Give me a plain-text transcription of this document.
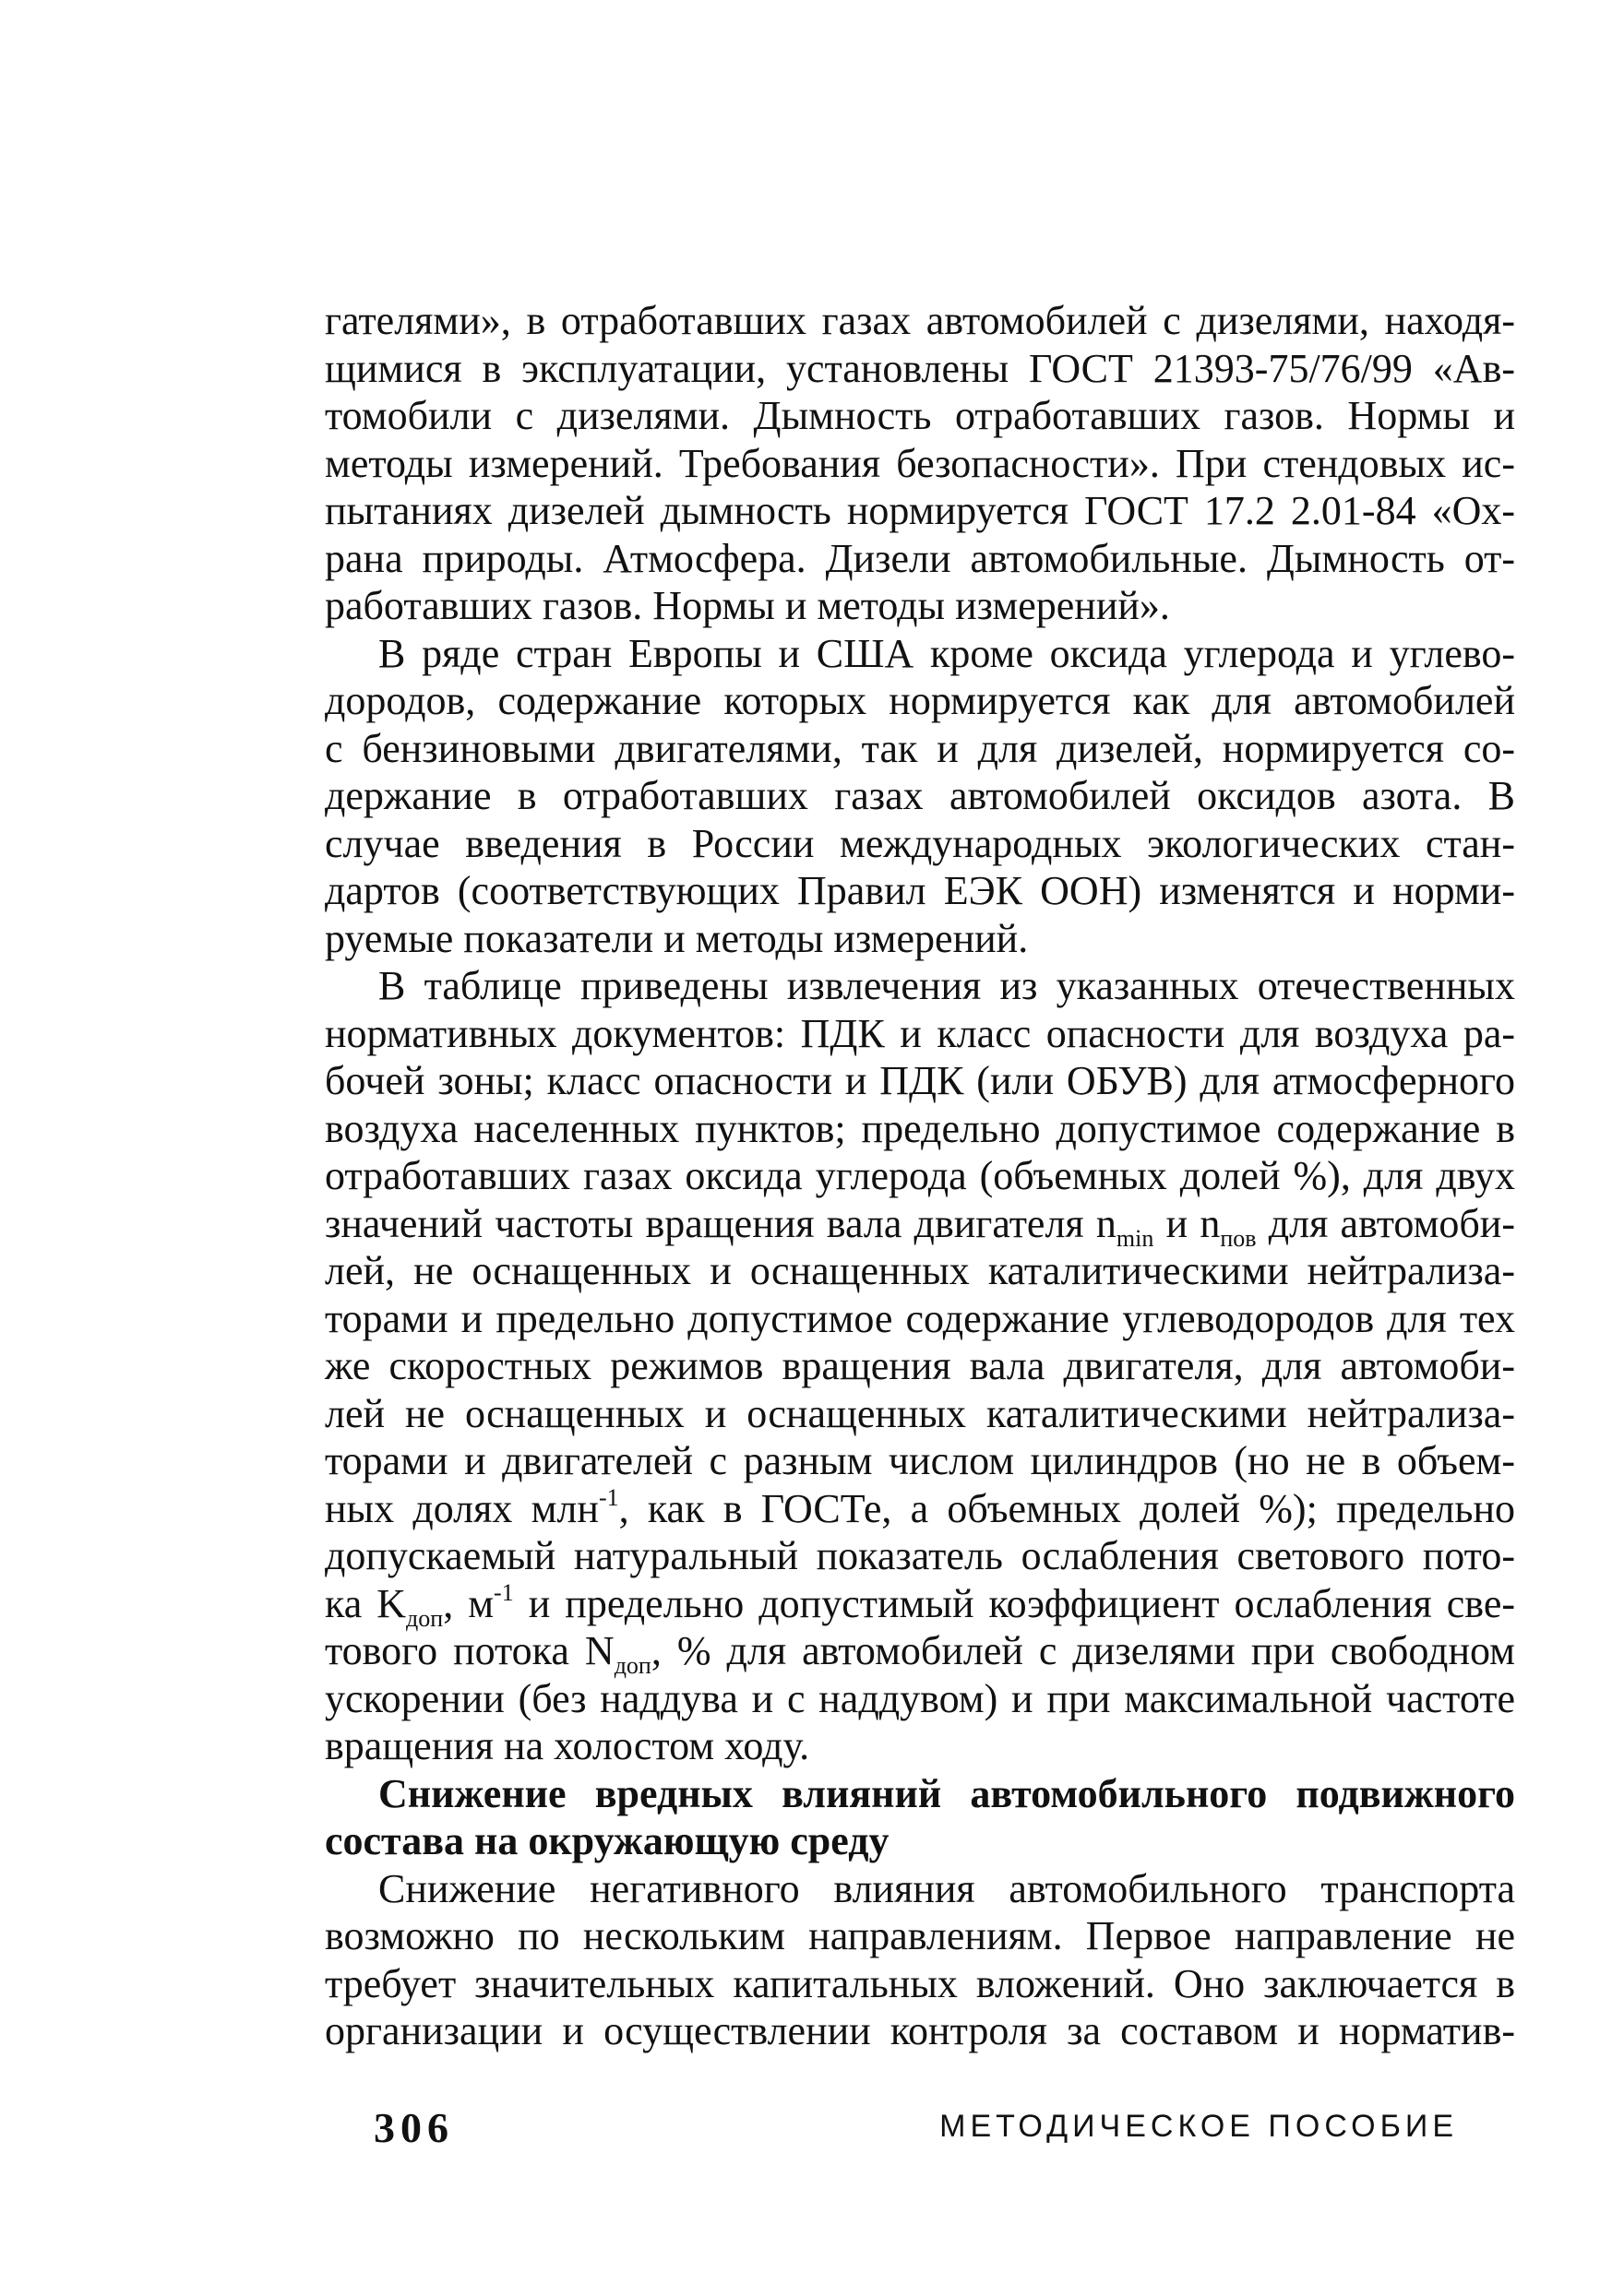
гателями», в отработавших газах автомобилей с дизелями, находя-

щимися в эксплуатации, установлены ГОСТ 21393-75/76/99 «Ав-

томобили с дизелями. Дымность отработавших газов. Нормы и

методы измерений. Требования безопасности». При стендовых ис-

пытаниях дизелей дымность нормируется ГОСТ 17.2 2.01-84 «Ох-

рана природы. Атмосфера. Дизели автомобильные. Дымность от-

работавших газов. Нормы и методы измерений».

В ряде стран Европы и США кроме оксида углерода и углево-

дородов, содержание которых нормируется как для автомобилей

с бензиновыми двигателями, так и для дизелей, нормируется со-

держание в отработавших газах автомобилей оксидов азота. В

случае введения в России международных экологических стан-

дартов (соответствующих Правил ЕЭК ООН) изменятся и норми-

руемые показатели и методы измерений.

В таблице приведены извлечения из указанных отечественных

нормативных документов: ПДК и класс опасности для воздуха ра-

бочей зоны; класс опасности и ПДК (или ОБУВ) для атмосферного

воздуха населенных пунктов; предельно допустимое содержание в

отработавших газах оксида углерода (объемных долей %), для двух

значений частоты вращения вала двигателя $n_{min}$ и $n_{пов}$ для автомоби-

лей, не оснащенных и оснащенных каталитическими нейтрализа-

торами и предельно допустимое содержание углеводородов для тех

же скоростных режимов вращения вала двигателя, для автомоби-

лей не оснащенных и оснащенных каталитическими нейтрализа-

торами и двигателей с разным числом цилиндров (но не в объем-

ных долях млн$^{-1}$, как в ГОСТе, а объемных долей %); предельно

допускаемый натуральный показатель ослабления светового пото-

ка $K_{доп}$, $м^{-1}$ и предельно допустимый коэффициент ослабления све-

тового потока $N_{доп}$, % для автомобилей с дизелями при свободном

ускорении (без наддува и с наддувом) и при максимальной частоте

вращения на холостом ходу.

Снижение вредных влияний автомобильного подвижного

состава на окружающую среду

Снижение негативного влияния автомобильного транспорта

возможно по нескольким направлениям. Первое направление не

требует значительных капитальных вложений. Оно заключается в

организации и осуществлении контроля за составом и норматив-

306	МЕТОДИЧЕСКОЕ ПОСОБИЕ
